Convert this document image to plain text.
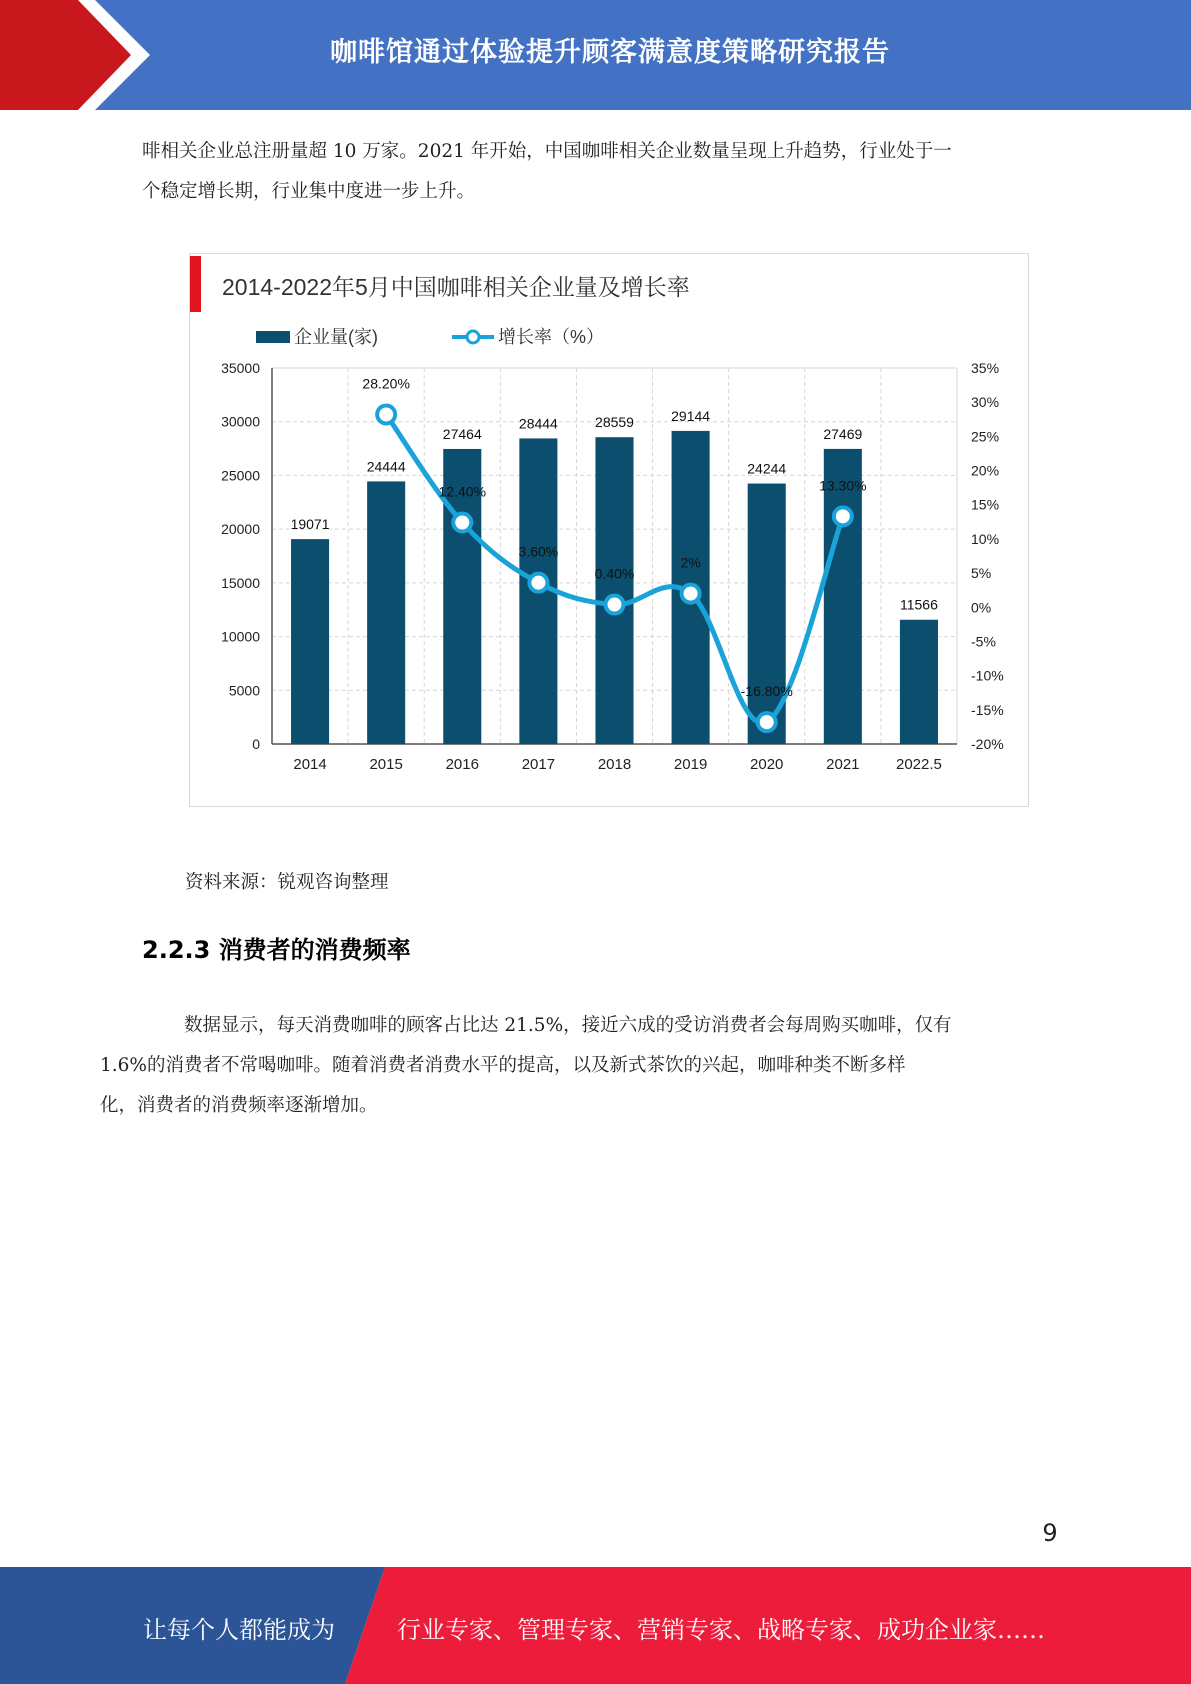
咖啡馆通过体验提升顾客满意度策略研究报告

啡相关企业总注册量超 10 万家。2021 年开始，中国咖啡相关企业数量呈现上升趋势，行业处于一

个稳定增长期，行业集中度进一步上升。

2014-2022年5月中国咖啡相关企业量及增长率
企业量(家)	增长率（%）
0
5000
10000
15000
20000
25000
30000
35000
-20%
-15%
-10%
-5%
0%
5%
10%
15%
20%
25%
30%
35%
19071
24444
27464
28444	28559	29144
24244
27469
11566
2014	2015	2016	2017	2018	2019	2020	2021 2022.5
28.20%
12.40%
3.60%
0.40%
2%
-16.80%
13.30%
资料来源：锐观咨询整理
2.2.3 消费者的消费频率

数据显示，每天消费咖啡的顾客占比达 21.5%，接近六成的受访消费者会每周购买咖啡，仅有

1.6%的消费者不常喝咖啡。随着消费者消费水平的提高，以及新式茶饮的兴起，咖啡种类不断多样

化，消费者的消费频率逐渐增加。

9
让每个人都能成为	行业专家、管理专家、营销专家、战略专家、成功企业家……
